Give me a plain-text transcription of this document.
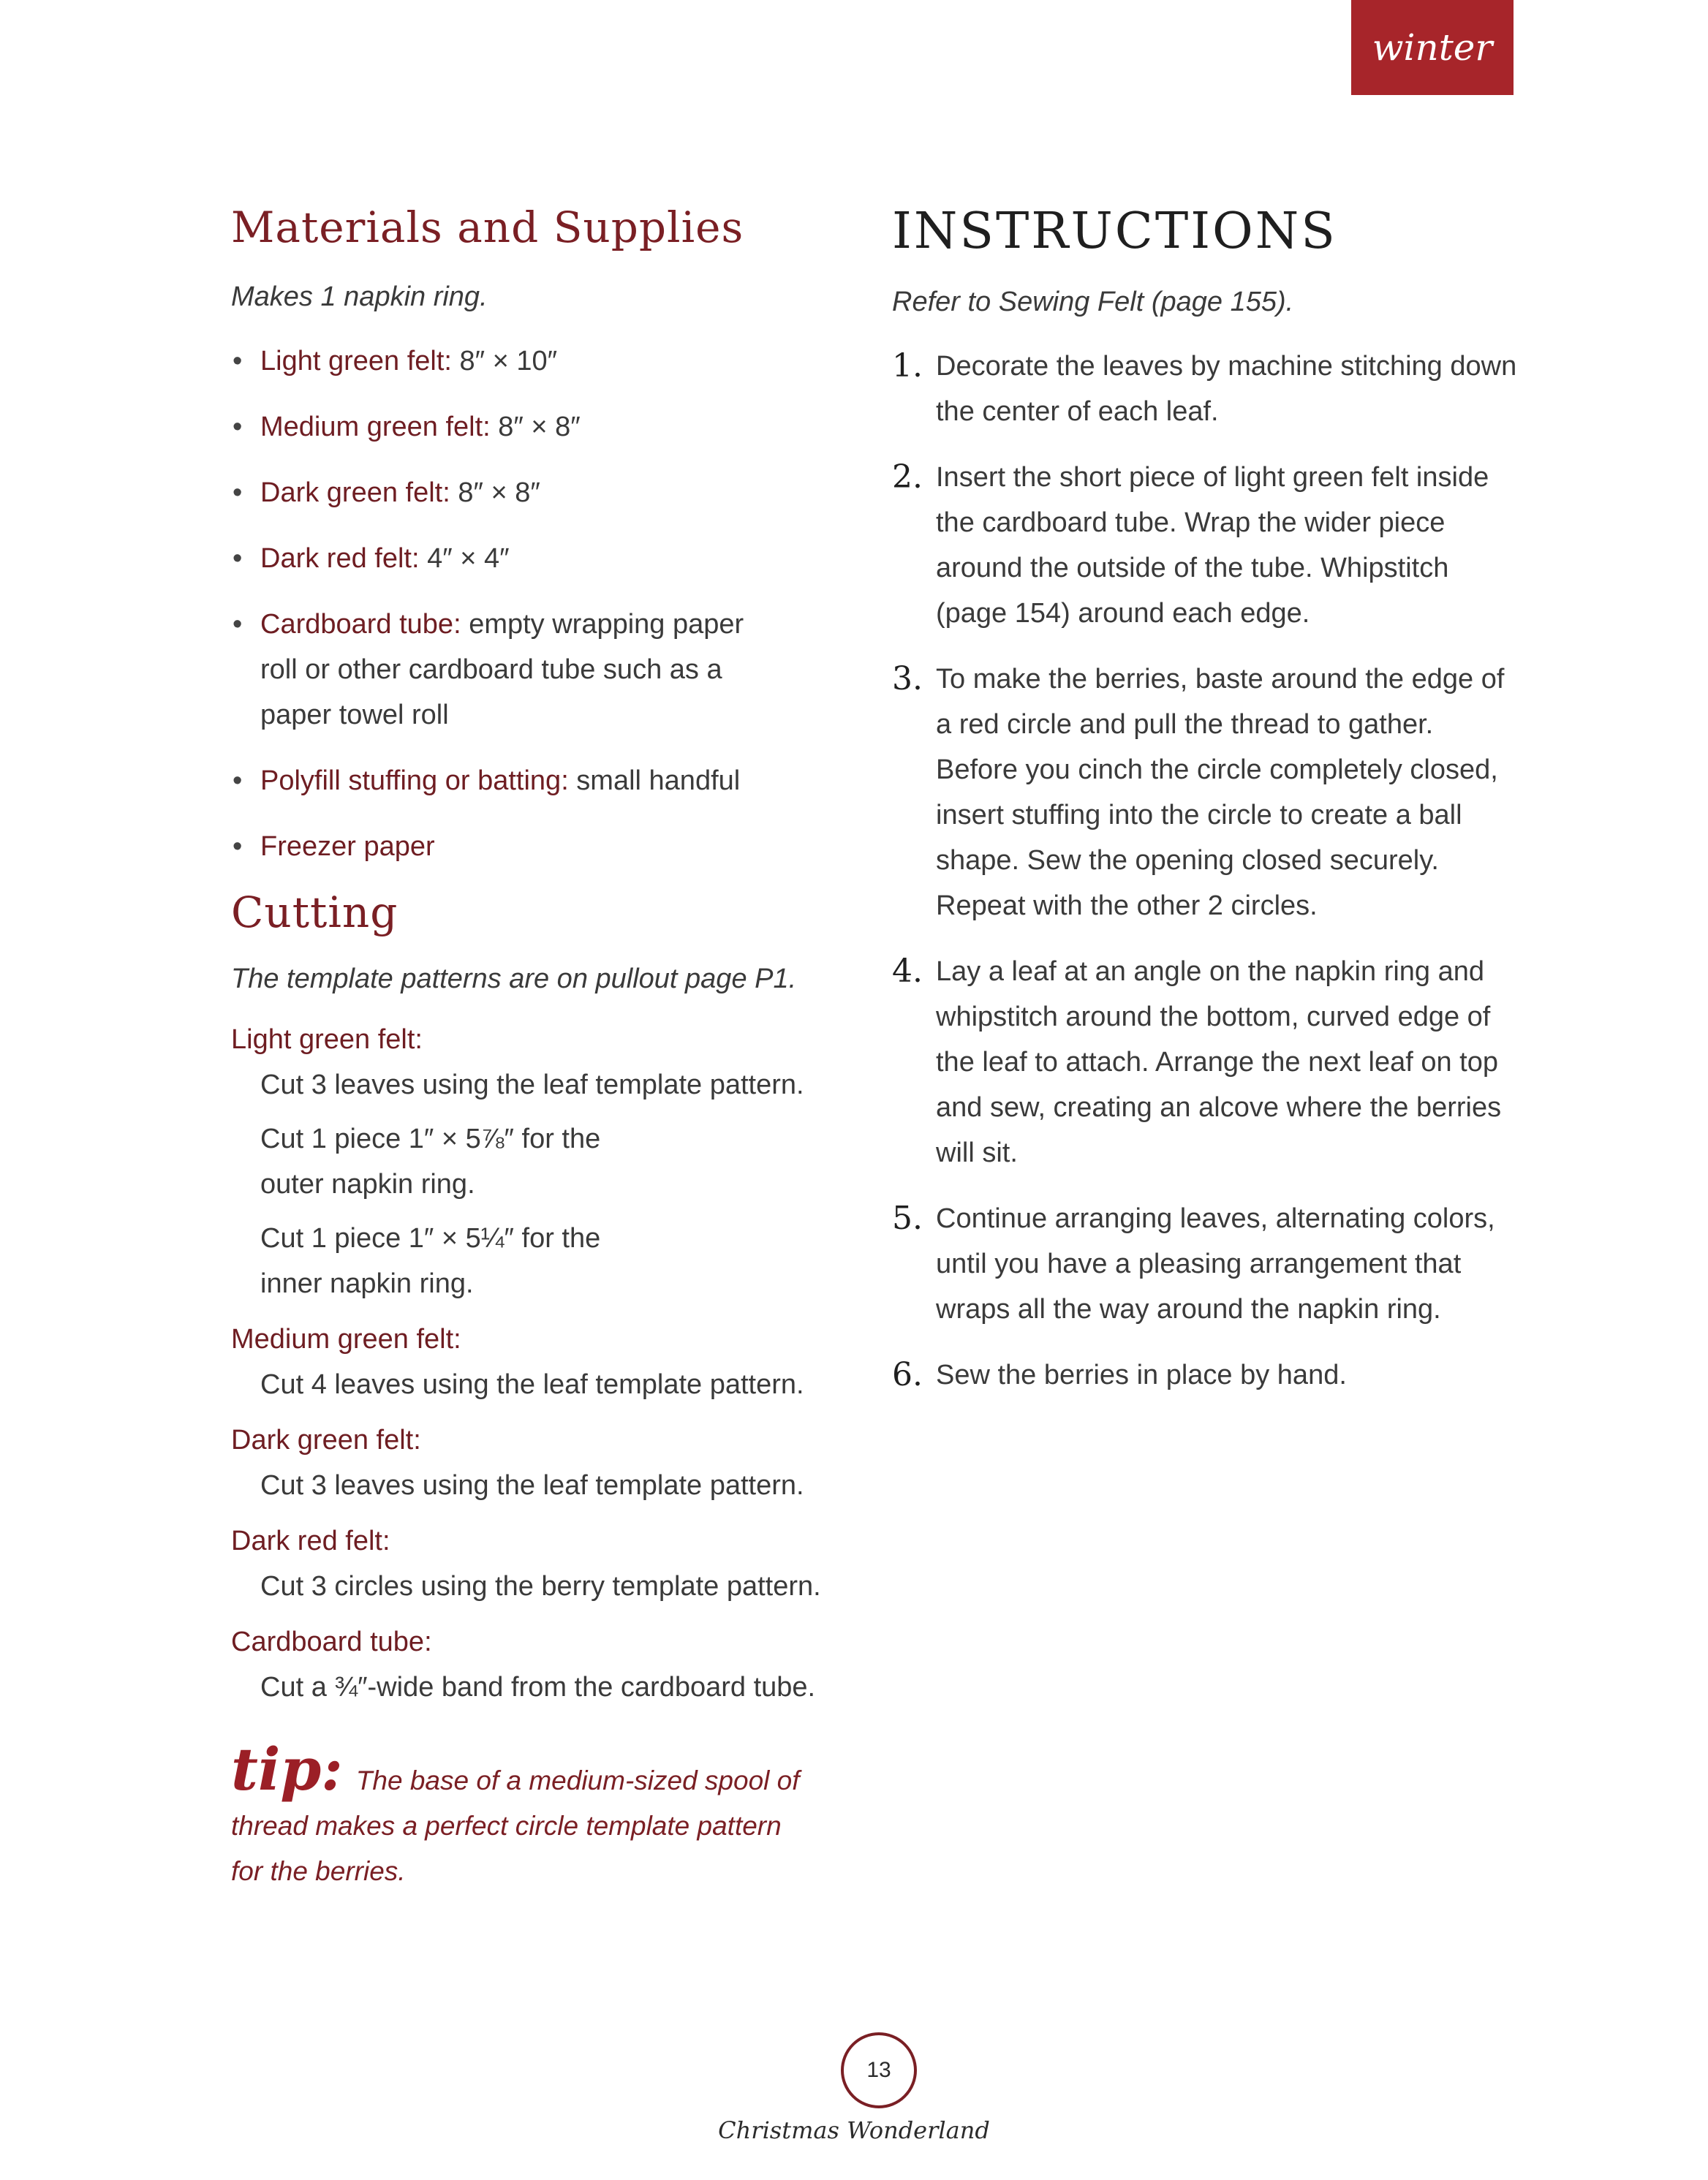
winter
Materials and Supplies

Makes 1 napkin ring.

• Light green felt: 8″ × 10″
• Medium green felt: 8″ × 8″
• Dark green felt: 8″ × 8″
• Dark red felt: 4″ × 4″
• Cardboard tube: empty wrapping paper roll or other cardboard tube such as a paper towel roll
• Polyfill stuffing or batting: small handful
• Freezer paper
Cutting

The template patterns are on pullout page P1.

Light green felt:
Cut 3 leaves using the leaf template pattern.
Cut 1 piece 1″ × 5⅞″ for the outer napkin ring.
Cut 1 piece 1″ × 5¼″ for the inner napkin ring.
Medium green felt:
Cut 4 leaves using the leaf template pattern.
Dark green felt:
Cut 3 leaves using the leaf template pattern.
Dark red felt:
Cut 3 circles using the berry template pattern.
Cardboard tube:
Cut a ¾″-wide band from the cardboard tube.
tip: The base of a medium-sized spool of thread makes a perfect circle template pattern for the berries.
INSTRUCTIONS

Refer to Sewing Felt (page 155).

1. Decorate the leaves by machine stitching down the center of each leaf.
2. Insert the short piece of light green felt inside the cardboard tube. Wrap the wider piece around the outside of the tube. Whipstitch (page 154) around each edge.
3. To make the berries, baste around the edge of a red circle and pull the thread to gather. Before you cinch the circle completely closed, insert stuffing into the circle to create a ball shape. Sew the opening closed securely. Repeat with the other 2 circles.
4. Lay a leaf at an angle on the napkin ring and whipstitch around the bottom, curved edge of the leaf to attach. Arrange the next leaf on top and sew, creating an alcove where the berries will sit.
5. Continue arranging leaves, alternating colors, until you have a pleasing arrangement that wraps all the way around the napkin ring.
6. Sew the berries in place by hand.
13
Christmas Wonderland
